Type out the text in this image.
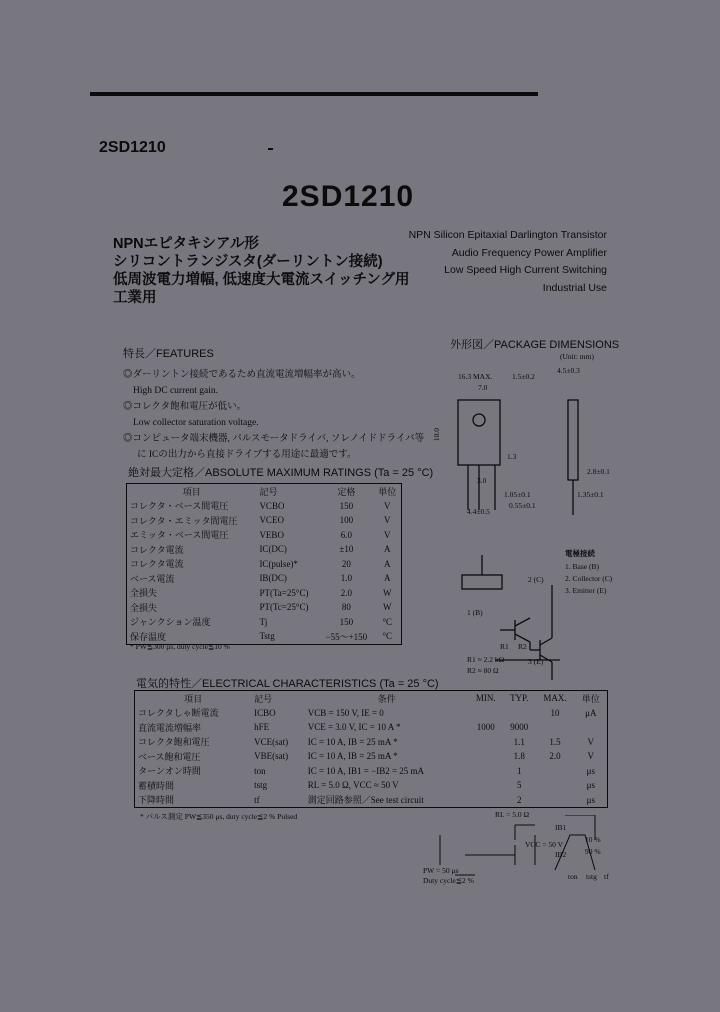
2SD1210
2SD1210
NPNエピタキシアル形
シリコントランジスタ(ダーリントン接続)
低周波電力増幅, 低速度大電流スイッチング用
工業用
NPN Silicon Epitaxial Darlington Transistor
Audio Frequency Power Amplifier
Low Speed High Current Switching
Industrial Use
特長／FEATURES
◎ダーリントン接続であるため直流電流増幅率が高い。
High DC current gain.
◎コレクタ飽和電圧が低い。
Low collector saturation voltage.
◎コンピュータ端末機器, パルスモータドライバ, ソレノイドドライバ等
に ICの出力から直接ドライブする用途に最適です。
絶対最大定格／ABSOLUTE MAXIMUM RATINGS (Ta = 25 °C)
項目	記号	定格	単位
コレクタ・ベース間電圧	VCBO	150	V
コレクタ・エミッタ間電圧	VCEO	100	V
エミッタ・ベース間電圧	VEBO	6.0	V
コレクタ電流	IC(DC)	±10	A
コレクタ電流	IC(pulse)*	20	A
ベース電流	IB(DC)	1.0	A
全損失	PT(Ta=25°C)	2.0	W
全損失	PT(Tc=25°C)	80	W
ジャンクション温度	Tj	150	°C
保存温度	Tstg	−55～+150	°C
* PW≦300 μs, duty cycle≦10 %
外形図／PACKAGE DIMENSIONS
(Unit: mm)
16.3 MAX.	1.5±0.2
7.0
4.5±0.3
3.0
1.3
2.8±0.1
1.35±0.1
1.05±0.1
0.55±0.1
4.4±0.5
10.0
電極接続
1. Base (B)
2. Collector (C)
3. Emitter (E)
2 (C)
1 (B)
3 (E)
R1 R2
R1 ≈ 2.2 kΩ
R2 ≈ 80 Ω
電気的特性／ELECTRICAL CHARACTERISTICS (Ta = 25 °C)
項目	記号	条件	MIN.	TYP.	MAX.	単位
コレクタしゃ断電流	ICBO	VCB = 150 V, IE = 0			10	μA
直流電流増幅率	hFE	VCE = 3.0 V, IC = 10 A *	1000	9000		
コレクタ飽和電圧	VCE(sat)	IC = 10 A, IB = 25 mA *		1.1	1.5	V
ベース飽和電圧	VBE(sat)	IC = 10 A, IB = 25 mA *		1.8	2.0	V
ターンオン時間	ton	IC = 10 A, IB1 = −IB2 = 25 mA		1		μs
蓄積時間	tstg	RL = 5.0 Ω, VCC ≈ 50 V		5		μs
下降時間	tf	測定回路参照／See test circuit		2		μs
* パルス測定 PW≦350 μs, duty cycle≦2 % Pulsed	RL = 5.0 Ω
PW = 50 μs
Duty cycle≦2 %
VCC = 50 V
IB1
IB2
10 %
90 %
ton tstg tf
